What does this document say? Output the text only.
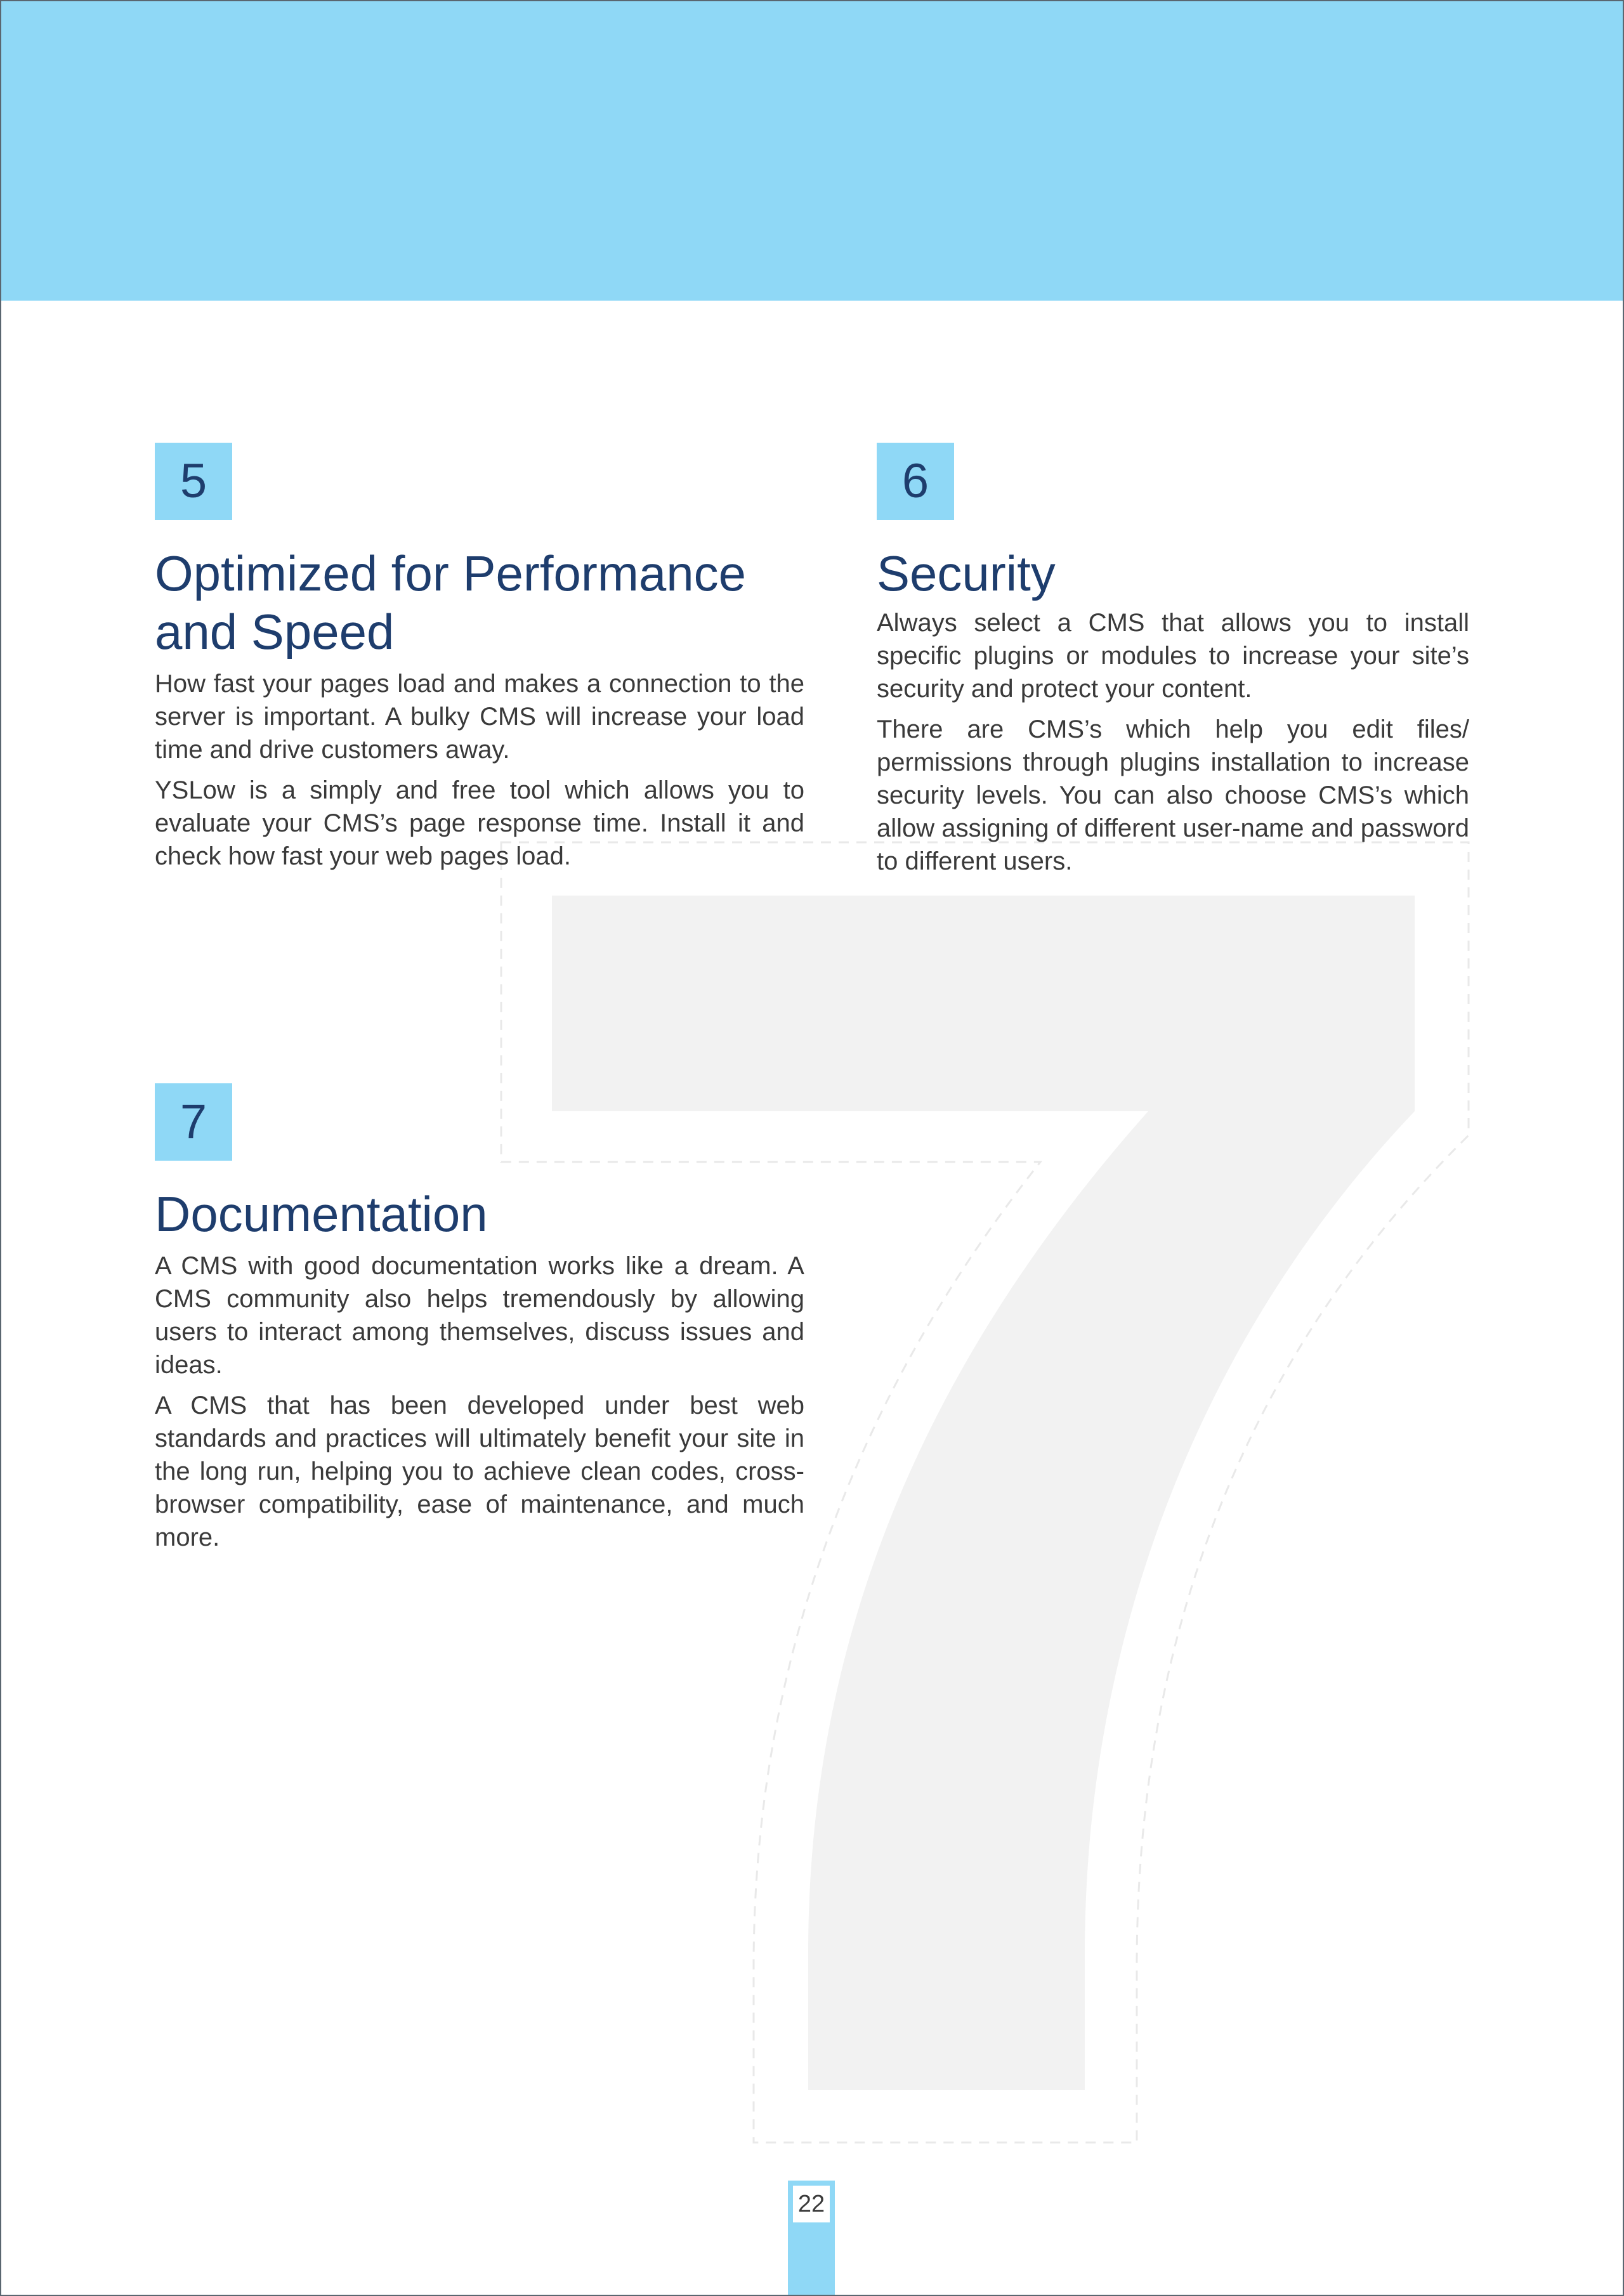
5
Optimized for Performance and Speed

How fast your pages load and makes a connection to the server is important. A bulky CMS will increase your load time and drive customers away.

YSLow is a simply and free tool which allows you to evaluate your CMS’s page response time. Install it and check how fast your web pages load.

6
Security

Always select a CMS that allows you to install specific plugins or modules to increase your site’s security and protect your content.

There are CMS’s which help you edit files/ permissions through plugins installation to increase security levels. You can also choose CMS’s which allow assigning of different user-name and password to different users.

7
Documentation

A CMS with good documentation works like a dream. A CMS community also helps tremendously by allowing users to interact among themselves, discuss issues and ideas.

A CMS that has been developed under best web standards and practices will ultimately benefit your site in the long run, helping you to achieve clean codes, cross-browser compatibility, ease of maintenance, and much more.

22
